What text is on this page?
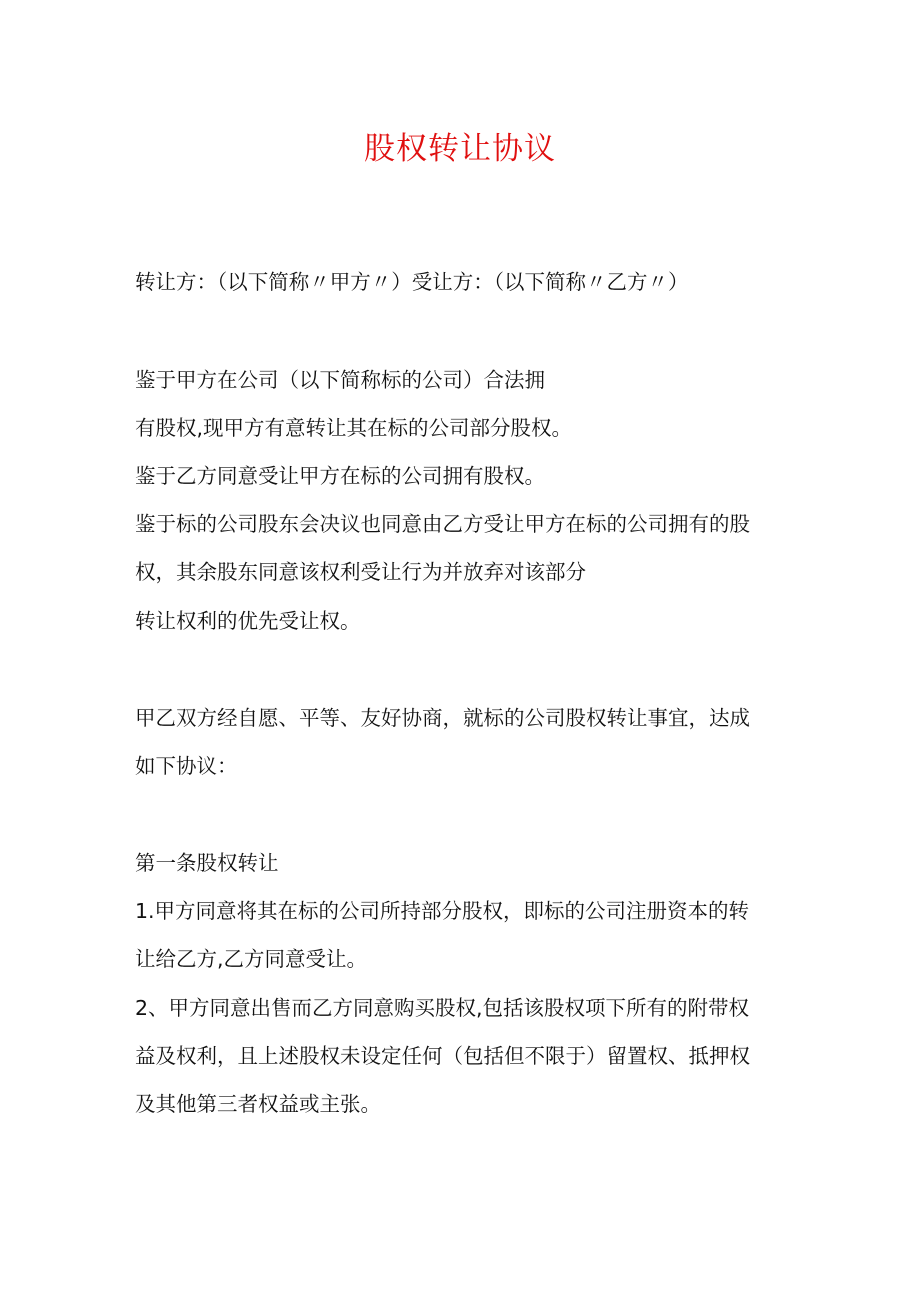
股权转让协议
转让方：（以下简称〃甲方〃）受让方：（以下简称〃乙方〃）
鉴于甲方在公司（以下简称标的公司）合法拥
有股权,现甲方有意转让其在标的公司部分股权。
鉴于乙方同意受让甲方在标的公司拥有股权。
鉴于标的公司股东会决议也同意由乙方受让甲方在标的公司拥有的股
权，其余股东同意该权利受让行为并放弃对该部分
转让权利的优先受让权。
甲乙双方经自愿、平等、友好协商，就标的公司股权转让事宜，达成
如下协议：
第一条股权转让
1.甲方同意将其在标的公司所持部分股权，即标的公司注册资本的转
让给乙方,乙方同意受让。
2、甲方同意出售而乙方同意购买股权,包括该股权项下所有的附带权
益及权利，且上述股权未设定任何（包括但不限于）留置权、抵押权
及其他第三者权益或主张。
